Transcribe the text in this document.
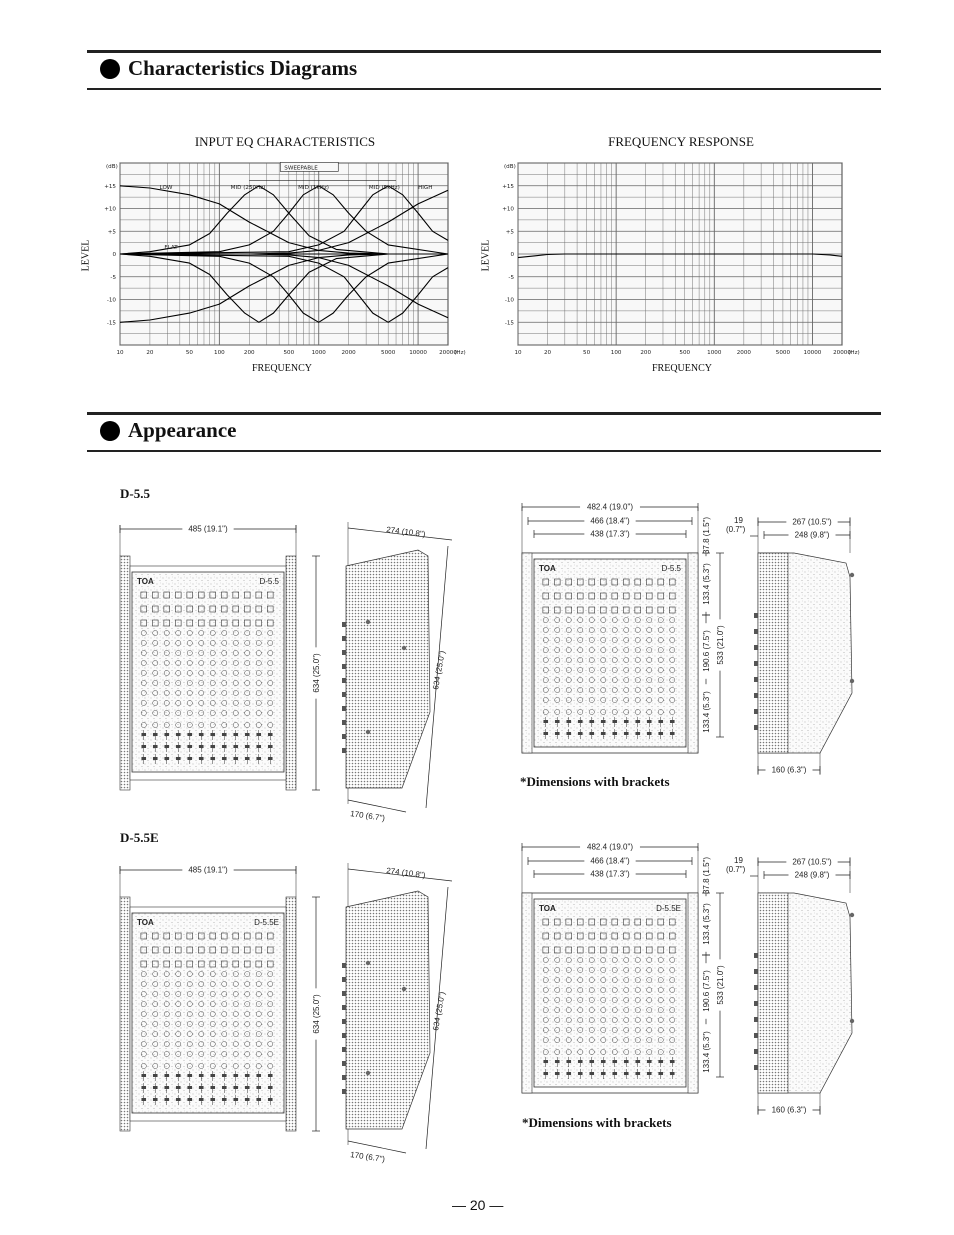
Characteristics Diagrams
INPUT EQ CHARACTERISTICS	FREQUENCY RESPONSE
10	20	50	100	200	500	1000	2000	5000 10000 20000
(Hz)
+15
+10
+5
0
-5
-10
-15
(dB)	SWEEPABLE
LOW	MID (250Hz)	MID (1kHz)	MID (5kHz)	HIGH
FLAT
10	20	50	100	200	500	1000	2000	5000 10000 20000
(Hz)
+15
+10
+5
0
-5
-10
-15
(dB)
LEVEL
FREQUENCY
LEVEL
FREQUENCY
Appearance
D-5.5
*Dimensions with brackets
D-5.5E
*Dimensions with brackets
TOA	D-5.5
485 (19.1")
634 (25.0")
274 (10.8")
634 (25.0")
170 (6.7")
TOA	D-5.5
482.4 (19.0")
466 (18.4")
438 (17.3")	37.8 (1.5")
133.4 (5.3")
190.6 (7.5")
133.4 (5.3")
533 (21.0")
19
(0.7")
267 (10.5")
248 (9.8")
160 (6.3")
TOA	D-5.5E
485 (19.1")
634 (25.0")
274 (10.8")
634 (25.0")
170 (6.7")
TOA	D-5.5E
482.4 (19.0")
466 (18.4")
438 (17.3")	37.8 (1.5")
133.4 (5.3")
190.6 (7.5")
133.4 (5.3")
533 (21.0")
19
(0.7")
267 (10.5")
248 (9.8")
160 (6.3")
— 20 —
